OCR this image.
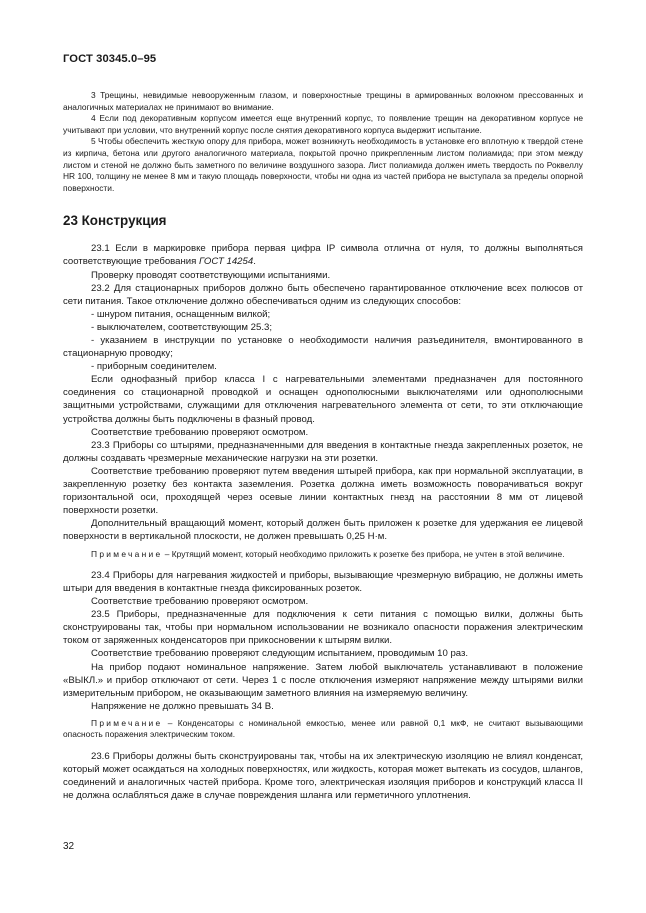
ГОСТ 30345.0–95

3 Трещины, невидимые невооруженным глазом, и поверхностные трещины в армированных волокном прессованных и аналогичных материалах не принимают во внимание.

4 Если под декоративным корпусом имеется еще внутренний корпус, то появление трещин на декоративном корпусе не учитывают при условии, что внутренний корпус после снятия декоративного корпуса выдержит испытание.

5 Чтобы обеспечить жесткую опору для прибора, может возникнуть необходимость в установке его вплотную к твердой стене из кирпича, бетона или другого аналогичного материала, покрытой прочно прикрепленным листом полиамида; при этом между листом и стеной не должно быть заметного по величине воздушного зазора. Лист полиамида должен иметь твердость по Роквеллу HR 100, толщину не менее 8 мм и такую площадь поверхности, чтобы ни одна из частей прибора не выступала за пределы опорной поверхности.

23 Конструкция

23.1 Если в маркировке прибора первая цифра IP символа отлична от нуля, то должны выполняться соответствующие требования ГОСТ 14254.

Проверку проводят соответствующими испытаниями.

23.2 Для стационарных приборов должно быть обеспечено гарантированное отключение всех полюсов от сети питания. Такое отключение должно обеспечиваться одним из следующих способов:

- шнуром питания, оснащенным вилкой;

- выключателем, соответствующим 25.3;

- указанием в инструкции по установке о необходимости наличия разъединителя, вмонтированного в стационарную проводку;

- приборным соединителем.

Если однофазный прибор класса I с нагревательными элементами предназначен для постоянного соединения со стационарной проводкой и оснащен однополюсными выключателями или однополюсными защитными устройствами, служащими для отключения нагревательного элемента от сети, то эти отключающие устройства должны быть подключены в фазный провод.

Соответствие требованию проверяют осмотром.

23.3 Приборы со штырями, предназначенными для введения в контактные гнезда закрепленных розеток, не должны создавать чрезмерные механические нагрузки на эти розетки.

Соответствие требованию проверяют путем введения штырей прибора, как при нормальной эксплуатации, в закрепленную розетку без контакта заземления. Розетка должна иметь возможность поворачиваться вокруг горизонтальной оси, проходящей через осевые линии контактных гнезд на расстоянии 8 мм от лицевой поверхности розетки.

Дополнительный вращающий момент, который должен быть приложен к розетке для удержания ее лицевой поверхности в вертикальной плоскости, не должен превышать 0,25 Н·м.

Примечание – Крутящий момент, который необходимо приложить к розетке без прибора, не учтен в этой величине.

23.4 Приборы для нагревания жидкостей и приборы, вызывающие чрезмерную вибрацию, не должны иметь штыри для введения в контактные гнезда фиксированных розеток.

Соответствие требованию проверяют осмотром.

23.5 Приборы, предназначенные для подключения к сети питания с помощью вилки, должны быть сконструированы так, чтобы при нормальном использовании не возникало опасности поражения электрическим током от заряженных конденсаторов при прикосновении к штырям вилки.

Соответствие требованию проверяют следующим испытанием, проводимым 10 раз.

На прибор подают номинальное напряжение. Затем любой выключатель устанавливают в положение «ВЫКЛ.» и прибор отключают от сети. Через 1 с после отключения измеряют напряжение между штырями вилки измерительным прибором, не оказывающим заметного влияния на измеряемую величину.

Напряжение не должно превышать 34 В.

Примечание – Конденсаторы с номинальной емкостью, менее или равной 0,1 мкФ, не считают вызывающими опасность поражения электрическим током.

23.6 Приборы должны быть сконструированы так, чтобы на их электрическую изоляцию не влиял конденсат, который может осаждаться на холодных поверхностях, или жидкость, которая может вытекать из сосудов, шлангов, соединений и аналогичных частей прибора. Кроме того, электрическая изоляция приборов и конструкций класса II не должна ослабляться даже в случае повреждения шланга или герметичного уплотнения.

32
